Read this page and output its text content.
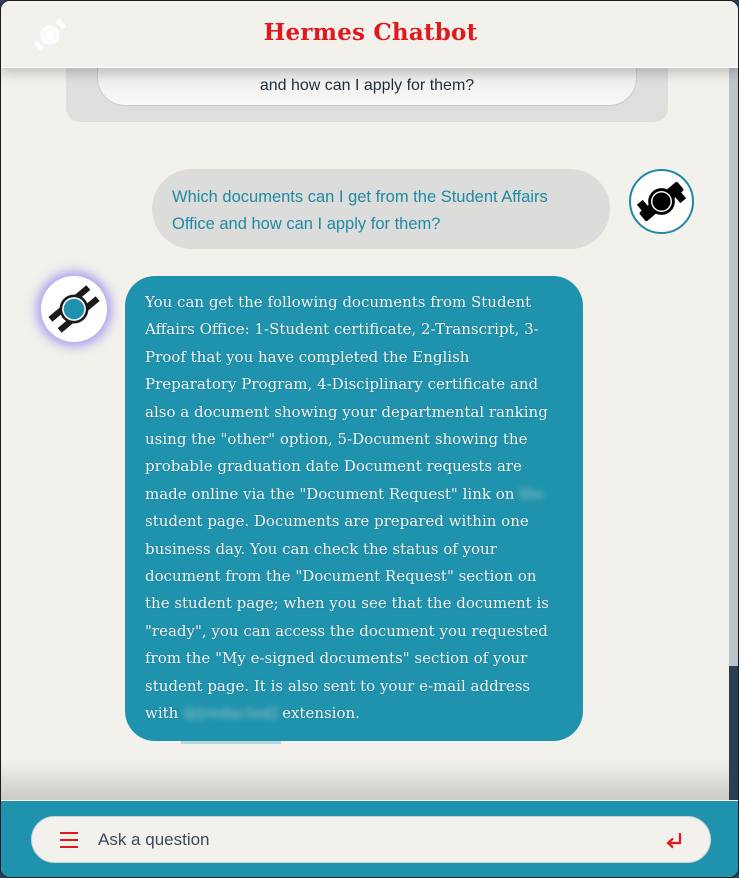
Hermes Chatbot
and how can I apply for them?
Which documents can I get from the Student Affairs Office and how can I apply for them?
You can get the following documents from Student Affairs Office: 1-Student certificate, 2-Transcript, 3-Proof that you have completed the English Preparatory Program, 4-Disciplinary certificate and also a document showing your departmental ranking using the "other" option, 5-Document showing the probable graduation date Document requests are made online via the "Document Request" link on the student page. Documents are prepared within one business day. You can check the status of your document from the "Document Request" section on the student page; when you see that the document is "ready", you can access the document you requested from the "My e-signed documents" section of your student page. It is also sent to your e-mail address with @[redacted] extension.
Ask a question
